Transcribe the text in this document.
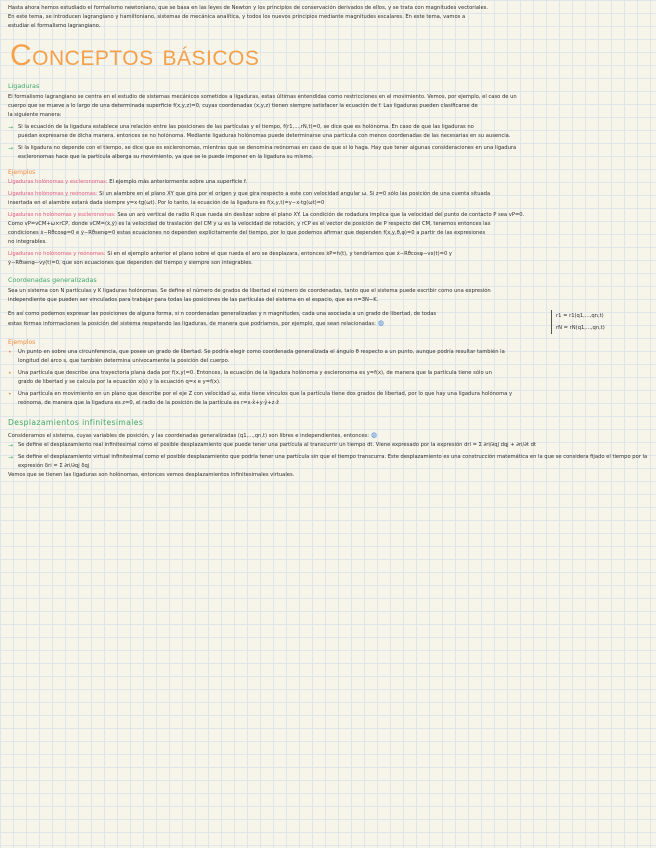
Hasta ahora hemos estudiado el formalismo newtoniano, que se basa en las leyes de Newton y los principios de conservación derivados de ellos, y se trata con magnitudes vectoriales.

En este tema, se introducen lagrangiano y hamiltoniano, sistemas de mecánica analítica, y todos los nuevos principios mediante magnitudes escalares. En este tema, vamos a

estudiar el formalismo lagrangiano.

Conceptos básicos
Ligaduras

El formalismo lagrangiano se centra en el estudio de sistemas mecánicos sometidos a ligaduras, estas últimas entendidas como restricciones en el movimiento. Vemos, por ejemplo, el caso de un

cuerpo que se mueve a lo largo de una determinada superficie f(x,y,z)=0, cuyas coordenadas (x,y,z) tienen siempre satisfacer la ecuación de f. Las ligaduras pueden clasificarse de

la siguiente manera:

→ Si la ecuación de la ligadura establece una relación entre las posiciones de las partículas y el tiempo, f(r1,...,rN,t)=0, se dice que es holónoma. En caso de que las ligaduras no

puedan expresarse de dicha manera, entonces se no holónoma. Mediante ligaduras holónomas puede determinarse una partícula con menos coordenadas de las necesarias en su ausencia.

→ Si la ligadura no depende con el tiempo, se dice que es escleronomas, mientras que se denomina reónomas en caso de que si lo haga. Hay que tener algunas consideraciones en una ligadura

escleronomas hace que la partícula alberga su movimiento, ya que se le puede imponer en la ligadura su mismo.

Ejemplos

Ligaduras holónomas y escleronomas: El ejemplo más anteriormente sobre una superficie f.

Ligaduras holónomas y reónomas: Si un alambre en el plano XY que gira por el origen y que gira respecto a este con velocidad angular ω. Si z=0 sólo las posición de una cuenta situada

insertada en el alambre estará dada siempre y=x·tg(ωt). Por lo tanto, la ecuación de la ligadura es f(x,y,t)=y−x·tg(ωt)=0

Ligaduras no holónomas y escleronomas: Sea un aro vertical de radio R que rueda sin deslizar sobre el plano XY. La condición de rodadura implica que la velocidad del punto de contacto P sea vP=0.

Como vP=vCM+ω×rCP, donde vCM=(ẋ,ẏ) es la velocidad de traslación del CM y ω es la velocidad de rotación, y rCP es el vector de posición de P respecto del CM, tenemos entonces las

condiciones ẋ−Rθ̇cosφ=0 e ẏ−Rθ̇senφ=0 estas ecuaciones no dependen explícitamente del tiempo, por lo que podemos afirmar que dependen f(x,y,θ,φ)=0 a partir de las expresiones

no integrables.

Ligaduras no holónomas y reónomas: Si en el ejemplo anterior el plano sobre el que rueda el aro se desplazara, entonces ẋP=h(t), y tendríamos que ẋ−Rθ̇cosφ−vx(t)=0 y

ẏ−Rθ̇senφ−vy(t)=0, que son ecuaciones que dependen del tiempo y siempre son integrables.

Coordenadas generalizadas

Sea un sistema con N partículas y K ligaduras holónomas. Se define el número de grados de libertad el número de coordenadas, tanto que el sistema puede escribir como una expresión

independiente que pueden ser vinculados para trabajar para todas las posiciones de las partículas del sistema en el espacio, que es n=3N−K.

En así como podemos expresar las posiciones de alguna forma, si n coordenadas generalizadas y n magnitudes, cada una asociada a un grado de libertad, de todas

estas formas informaciones la posición del sistema respetando las ligaduras, de manera que podríamos, por ejemplo, que sean relacionadas: ◍

r1 = r1(q1,...,qn,t)
rN = rN(q1,...,qn,t)
Ejemplos
•	Un punto en sobre una circunferencia, que posee un grado de libertad. Se podría elegir como coordenada generalizada el ángulo θ respecto a un punto, aunque podría resultar también la

longitud del arco s, que también determina unívocamente la posición del cuerpo.

•	Una partícula que describe una trayectoria plana dada por f(x,y)=0. Entonces, la ecuación de la ligadura holónoma y escleronoma es y=f(x), de manera que la partícula tiene sólo un

grado de libertad y se calcula por la ecuación x(s) y la ecuación q=x e y=f(x).

•	Una partícula en movimiento en un plano que describe por el eje Z con velocidad ω, esta tiene vínculos que la partícula tiene dos grados de libertad, por lo que hay una ligadura holónoma y

reónoma, de manera que la ligadura es z=0, el radio de la posición de la partícula es r=x·x̂+y·ŷ+z·ẑ

Desplazamientos infinitesimales

Consideramos el sistema, cuyas variables de posición, y las coordenadas generalizadas (q1,...,qn,t) son libres e independientes, entonces: ◍

→ Se define el desplazamiento real infinitesimal como el posible desplazamiento que puede tener una partícula al transcurrir un tiempo dt. Viene expresado por la expresión dri = Σ ∂ri/∂qj dqj + ∂ri/∂t dt

→ Se define el desplazamiento virtual infinitesimal como el posible desplazamiento que podría tener una partícula sin que el tiempo transcurra. Este desplazamiento es una construcción matemática en la que se considera fijado el tiempo por la expresión δri = Σ ∂ri/∂qj δqj

Vemos que se tienen las ligaduras son holónomas, entonces vemos desplazamientos infinitesimales virtuales.
